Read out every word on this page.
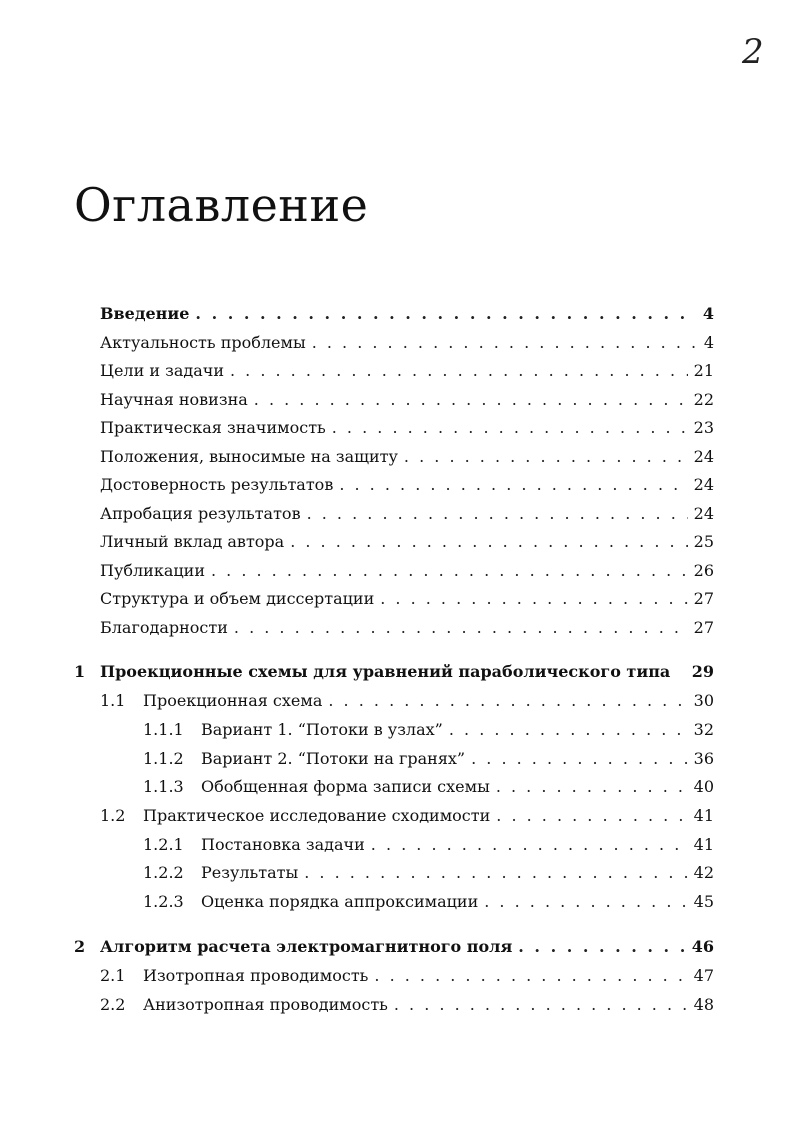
2
Оглавление
Введение . . .	4
Актуальность проблемы . . .	4
Цели и задачи . . .	21
Научная новизна . . .	22
Практическая значимость . . .	23
Положения, выносимые на защиту . . .	24
Достоверность результатов . . .	24
Апробация результатов . . .	24
Личный вклад автора . . .	25
Публикации . . .	26
Структура и объем диссертации . . .	27
Благодарности . . .	27
1 Проекционные схемы для уравнений параболического типа 29
1.1	Проекционная схема . . .	30
1.1.1	Вариант 1. “Потоки в узлах” . . .	32
1.1.2	Вариант 2. “Потоки на гранях” . . .	36
1.1.3	Обобщенная форма записи схемы . . .	40
1.2	Практическое исследование сходимости . . .	41
1.2.1	Постановка задачи . . .	41
1.2.2	Результаты . . .	42
1.2.3	Оценка порядка аппроксимации . . .	45
2 Алгоритм расчета электромагнитного поля . . .	46
2.1	Изотропная проводимость . . .	47
2.2	Анизотропная проводимость . . .	48
